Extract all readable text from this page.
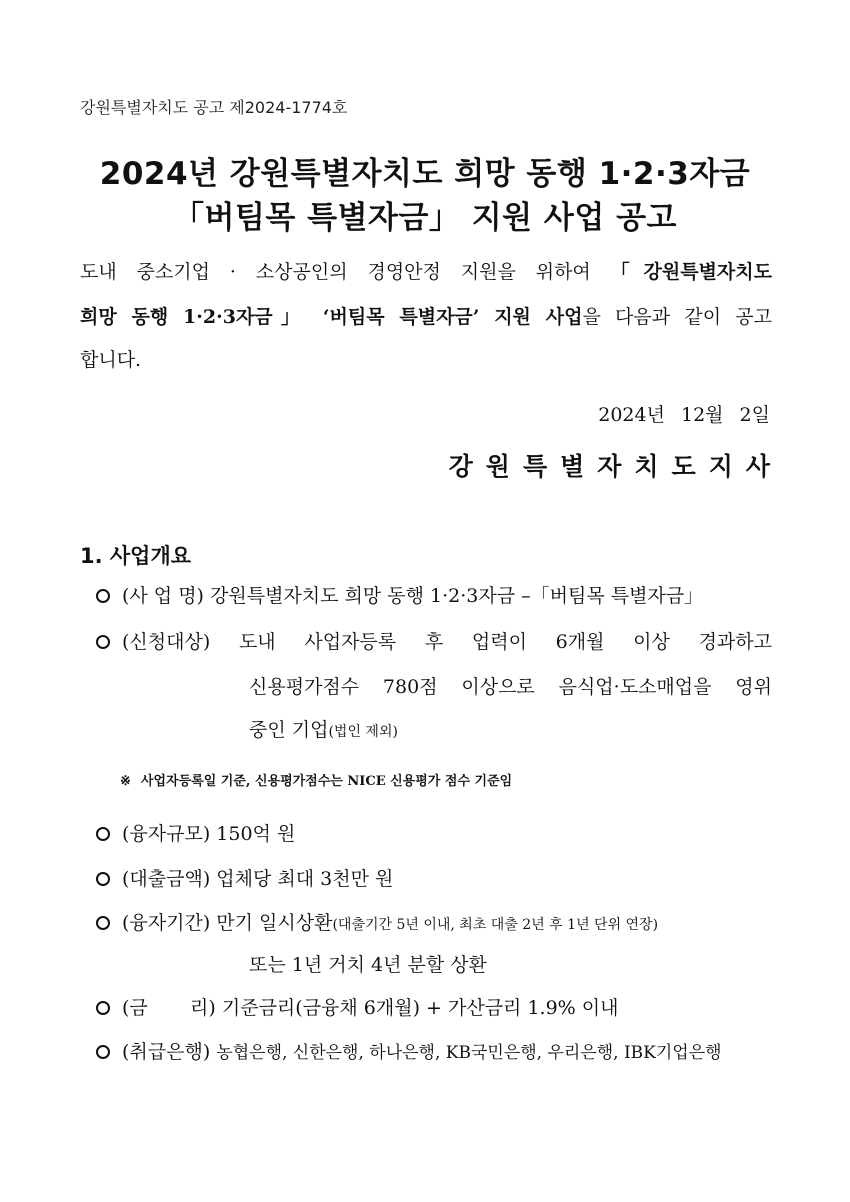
강원특별자치도 공고 제2024-1774호
2024년 강원특별자치도 희망 동행 1·2·3자금
「버팀목 특별자금」 지원 사업 공고
도내 중소기업 · 소상공인의 경영안정 지원을 위하여 「강원특별자치도
희망 동행 1·2·3자금」 ‘버팀목 특별자금’ 지원 사업을 다음과 같이 공고
합니다.
2024년 12월 2일
강원특별자치도지사
1. 사업개요
(사 업 명) 강원특별자치도 희망 동행 1·2·3자금 –「버팀목 특별자금」
(신청대상) 도내 사업자등록 후 업력이 6개월 이상 경과하고
신용평가점수 780점 이상으로 음식업·도소매업을 영위
중인 기업(법인 제외)
※ 사업자등록일 기준, 신용평가점수는 NICE 신용평가 점수 기준임
(융자규모) 150억 원
(대출금액) 업체당 최대 3천만 원
(융자기간) 만기 일시상환(대출기간 5년 이내, 최초 대출 2년 후 1년 단위 연장)
또는 1년 거치 4년 분할 상환
(금       리) 기준금리(금융채 6개월) + 가산금리 1.9% 이내
(취급은행) 농협은행, 신한은행, 하나은행, KB국민은행, 우리은행, IBK기업은행
